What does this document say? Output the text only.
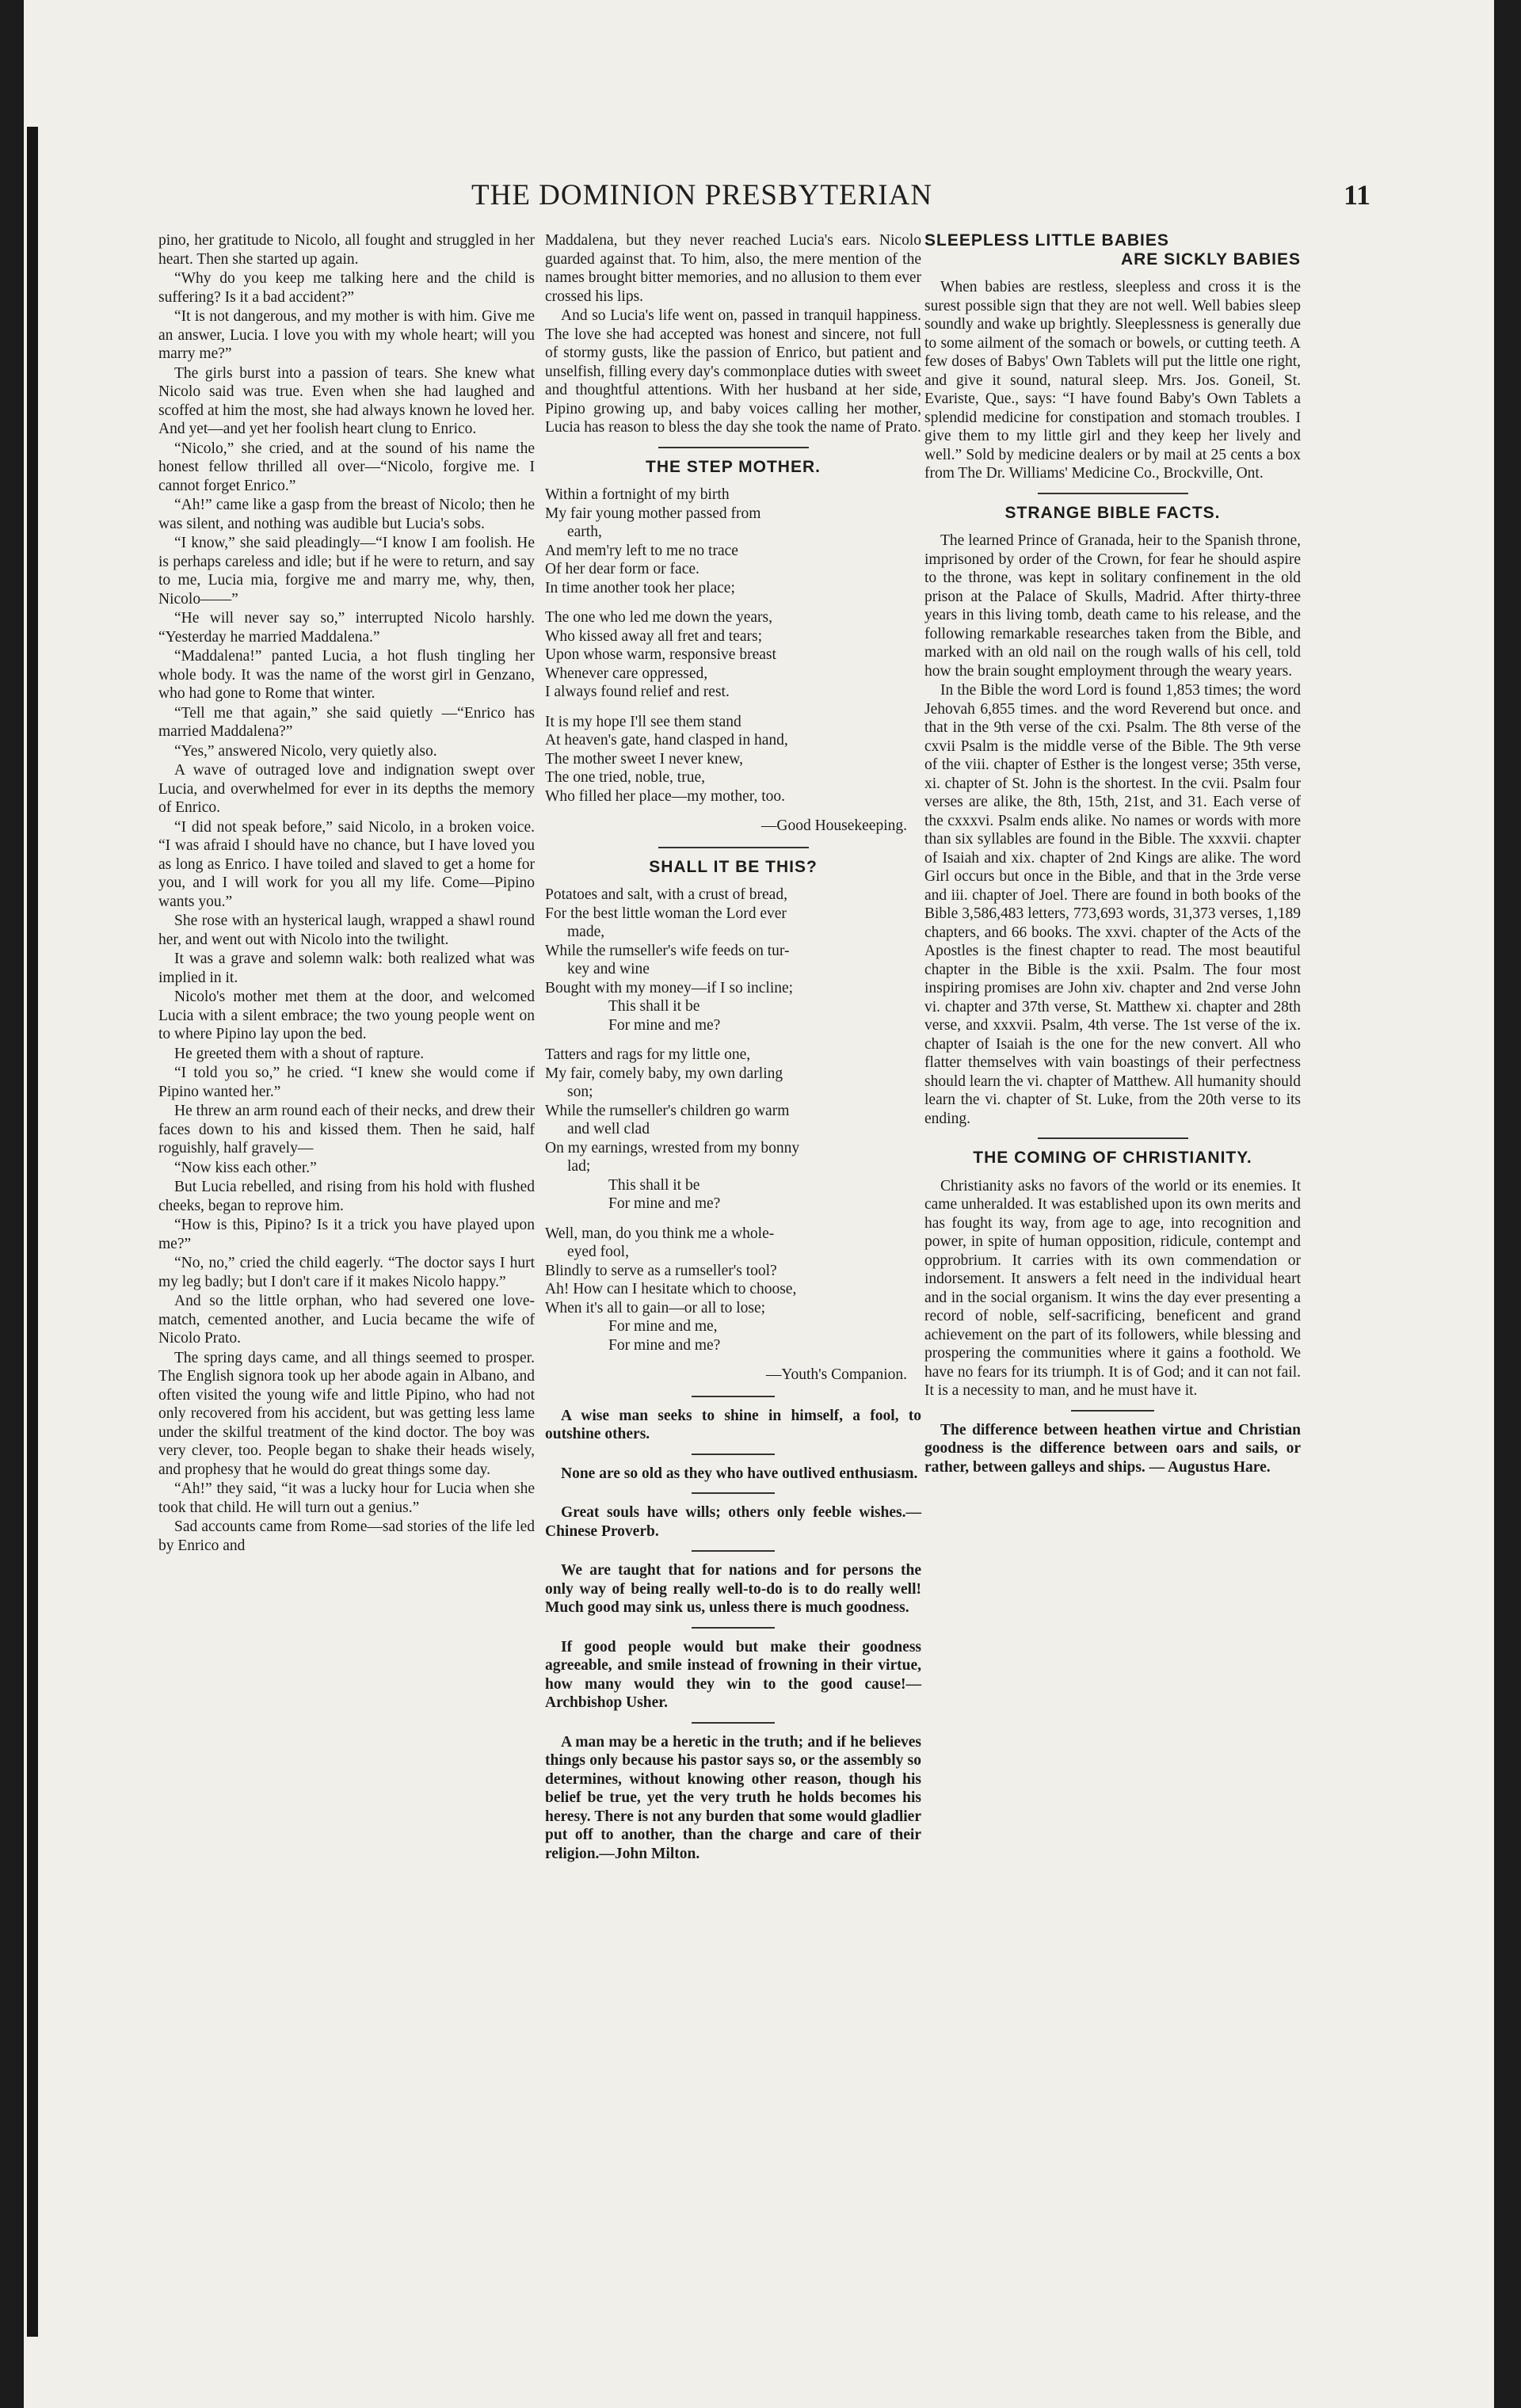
THE DOMINION PRESBYTERIAN	11

pino, her gratitude to Nicolo, all fought and struggled in her heart. Then she started up again.

“Why do you keep me talking here and the child is suffering? Is it a bad accident?”

“It is not dangerous, and my mother is with him. Give me an answer, Lucia. I love you with my whole heart; will you marry me?”

The girls burst into a passion of tears. She knew what Nicolo said was true. Even when she had laughed and scoffed at him the most, she had always known he loved her. And yet—and yet her foolish heart clung to Enrico.

“Nicolo,” she cried, and at the sound of his name the honest fellow thrilled all over—“Nicolo, forgive me. I cannot forget Enrico.”

“Ah!” came like a gasp from the breast of Nicolo; then he was silent, and nothing was audible but Lucia's sobs.

“I know,” she said pleadingly—“I know I am foolish. He is perhaps careless and idle; but if he were to return, and say to me, Lucia mia, forgive me and marry me, why, then, Nicolo——”

“He will never say so,” interrupted Nicolo harshly. “Yesterday he married Maddalena.”

“Maddalena!” panted Lucia, a hot flush tingling her whole body. It was the name of the worst girl in Genzano, who had gone to Rome that winter.

“Tell me that again,” she said quietly —“Enrico has married Maddalena?”

“Yes,” answered Nicolo, very quietly also.

A wave of outraged love and indignation swept over Lucia, and overwhelmed for ever in its depths the memory of Enrico.

“I did not speak before,” said Nicolo, in a broken voice. “I was afraid I should have no chance, but I have loved you as long as Enrico. I have toiled and slaved to get a home for you, and I will work for you all my life. Come—Pipino wants you.”

She rose with an hysterical laugh, wrapped a shawl round her, and went out with Nicolo into the twilight.

It was a grave and solemn walk: both realized what was implied in it.

Nicolo's mother met them at the door, and welcomed Lucia with a silent embrace; the two young people went on to where Pipino lay upon the bed.

He greeted them with a shout of rapture.

“I told you so,” he cried. “I knew she would come if Pipino wanted her.”

He threw an arm round each of their necks, and drew their faces down to his and kissed them. Then he said, half roguishly, half gravely—

“Now kiss each other.”

But Lucia rebelled, and rising from his hold with flushed cheeks, began to reprove him.

“How is this, Pipino? Is it a trick you have played upon me?”

“No, no,” cried the child eagerly. “The doctor says I hurt my leg badly; but I don't care if it makes Nicolo happy.”

And so the little orphan, who had severed one love-match, cemented another, and Lucia became the wife of Nicolo Prato.

The spring days came, and all things seemed to prosper. The English signora took up her abode again in Albano, and often visited the young wife and little Pipino, who had not only recovered from his accident, but was getting less lame under the skilful treatment of the kind doctor. The boy was very clever, too. People began to shake their heads wisely, and prophesy that he would do great things some day.

“Ah!” they said, “it was a lucky hour for Lucia when she took that child. He will turn out a genius.”

Sad accounts came from Rome—sad stories of the life led by Enrico and

Maddalena, but they never reached Lucia's ears. Nicolo guarded against that. To him, also, the mere mention of the names brought bitter memories, and no allusion to them ever crossed his lips.

And so Lucia's life went on, passed in tranquil happiness. The love she had accepted was honest and sincere, not full of stormy gusts, like the passion of Enrico, but patient and unselfish, filling every day's commonplace duties with sweet and thoughtful attentions. With her husband at her side, Pipino growing up, and baby voices calling her mother, Lucia has reason to bless the day she took the name of Prato.

THE STEP MOTHER.
Within a fortnight of my birth
My fair young mother passed from
earth,
And mem'ry left to me no trace
Of her dear form or face.
In time another took her place;
The one who led me down the years,
Who kissed away all fret and tears;
Upon whose warm, responsive breast
Whenever care oppressed,
I always found relief and rest.
It is my hope I'll see them stand
At heaven's gate, hand clasped in hand,
The mother sweet I never knew,
The one tried, noble, true,
Who filled her place—my mother, too.
—Good Housekeeping.
SHALL IT BE THIS?
Potatoes and salt, with a crust of bread,
For the best little woman the Lord ever
made,
While the rumseller's wife feeds on tur-
key and wine
Bought with my money—if I so incline;
This shall it be
For mine and me?
Tatters and rags for my little one,
My fair, comely baby, my own darling
son;
While the rumseller's children go warm
and well clad
On my earnings, wrested from my bonny
lad;
This shall it be
For mine and me?
Well, man, do you think me a whole-
eyed fool,
Blindly to serve as a rumseller's tool?
Ah! How can I hesitate which to choose,
When it's all to gain—or all to lose;
For mine and me,
For mine and me?
—Youth's Companion.

A wise man seeks to shine in himself, a fool, to outshine others.

None are so old as they who have outlived enthusiasm.

Great souls have wills; others only feeble wishes.—Chinese Proverb.

We are taught that for nations and for persons the only way of being really well-to-do is to do really well! Much good may sink us, unless there is much goodness.

If good people would but make their goodness agreeable, and smile instead of frowning in their virtue, how many would they win to the good cause!—Archbishop Usher.

A man may be a heretic in the truth; and if he believes things only because his pastor says so, or the assembly so determines, without knowing other reason, though his belief be true, yet the very truth he holds becomes his heresy. There is not any burden that some would gladlier put off to another, than the charge and care of their religion.—John Milton.

SLEEPLESS LITTLE BABIES
ARE SICKLY BABIES

When babies are restless, sleepless and cross it is the surest possible sign that they are not well. Well babies sleep soundly and wake up brightly. Sleeplessness is generally due to some ailment of the somach or bowels, or cutting teeth. A few doses of Babys' Own Tablets will put the little one right, and give it sound, natural sleep. Mrs. Jos. Goneil, St. Evariste, Que., says: “I have found Baby's Own Tablets a splendid medicine for constipation and stomach troubles. I give them to my little girl and they keep her lively and well.” Sold by medicine dealers or by mail at 25 cents a box from The Dr. Williams' Medicine Co., Brockville, Ont.

STRANGE BIBLE FACTS.

The learned Prince of Granada, heir to the Spanish throne, imprisoned by order of the Crown, for fear he should aspire to the throne, was kept in solitary confinement in the old prison at the Palace of Skulls, Madrid. After thirty-three years in this living tomb, death came to his release, and the following remarkable researches taken from the Bible, and marked with an old nail on the rough walls of his cell, told how the brain sought employment through the weary years.

In the Bible the word Lord is found 1,853 times; the word Jehovah 6,855 times. and the word Reverend but once. and that in the 9th verse of the cxi. Psalm. The 8th verse of the cxvii Psalm is the middle verse of the Bible. The 9th verse of the viii. chapter of Esther is the longest verse; 35th verse, xi. chapter of St. John is the shortest. In the cvii. Psalm four verses are alike, the 8th, 15th, 21st, and 31. Each verse of the cxxxvi. Psalm ends alike. No names or words with more than six syllables are found in the Bible. The xxxvii. chapter of Isaiah and xix. chapter of 2nd Kings are alike. The word Girl occurs but once in the Bible, and that in the 3rde verse and iii. chapter of Joel. There are found in both books of the Bible 3,586,483 letters, 773,693 words, 31,373 verses, 1,189 chapters, and 66 books. The xxvi. chapter of the Acts of the Apostles is the finest chapter to read. The most beautiful chapter in the Bible is the xxii. Psalm. The four most inspiring promises are John xiv. chapter and 2nd verse John vi. chapter and 37th verse, St. Matthew xi. chapter and 28th verse, and xxxvii. Psalm, 4th verse. The 1st verse of the ix. chapter of Isaiah is the one for the new convert. All who flatter themselves with vain boastings of their perfectness should learn the vi. chapter of Matthew. All humanity should learn the vi. chapter of St. Luke, from the 20th verse to its ending.

THE COMING OF CHRISTIANITY.

Christianity asks no favors of the world or its enemies. It came unheralded. It was established upon its own merits and has fought its way, from age to age, into recognition and power, in spite of human opposition, ridicule, contempt and opprobrium. It carries with its own commendation or indorsement. It answers a felt need in the individual heart and in the social organism. It wins the day ever presenting a record of noble, self-sacrificing, beneficent and grand achievement on the part of its followers, while blessing and prospering the communities where it gains a foothold. We have no fears for its triumph. It is of God; and it can not fail. It is a necessity to man, and he must have it.

The difference between heathen virtue and Christian goodness is the difference between oars and sails, or rather, between galleys and ships. — Augustus Hare.
